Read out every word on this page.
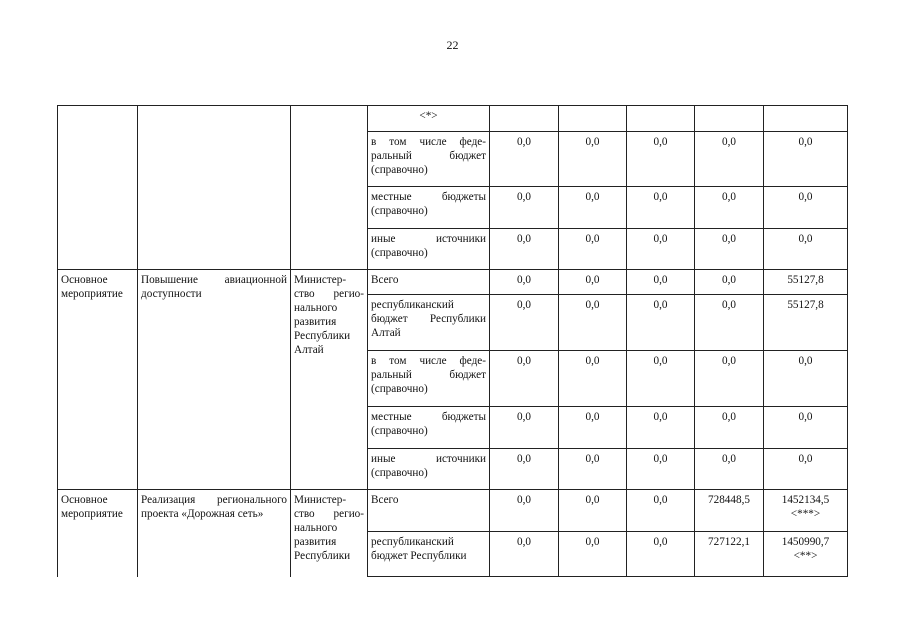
22
			<*>					
			в том числе феде-ральный бюджет (справочно)	0,0	0,0	0,0	0,0	0,0
			местные бюджеты (справочно)	0,0	0,0	0,0	0,0	0,0
			иные источники (справочно)	0,0	0,0	0,0	0,0	0,0
Основное мероприятие	Повышение авиационной доступности	Министер-ство регио-нального развития Республики Алтай	Всего	0,0	0,0	0,0	0,0	55127,8
			республиканский бюджет Республики Алтай	0,0	0,0	0,0	0,0	55127,8
			в том числе феде-ральный бюджет (справочно)	0,0	0,0	0,0	0,0	0,0
			местные бюджеты (справочно)	0,0	0,0	0,0	0,0	0,0
			иные источники (справочно)	0,0	0,0	0,0	0,0	0,0
Основное мероприятие	Реализация регионального проекта «Дорожная сеть»	Министер-ство регио-нального развития Республики	Всего	0,0	0,0	0,0	728448,5	1452134,5
<***>

			республиканский бюджет Республики	0,0	0,0	0,0	727122,1	1450990,7
<**>
